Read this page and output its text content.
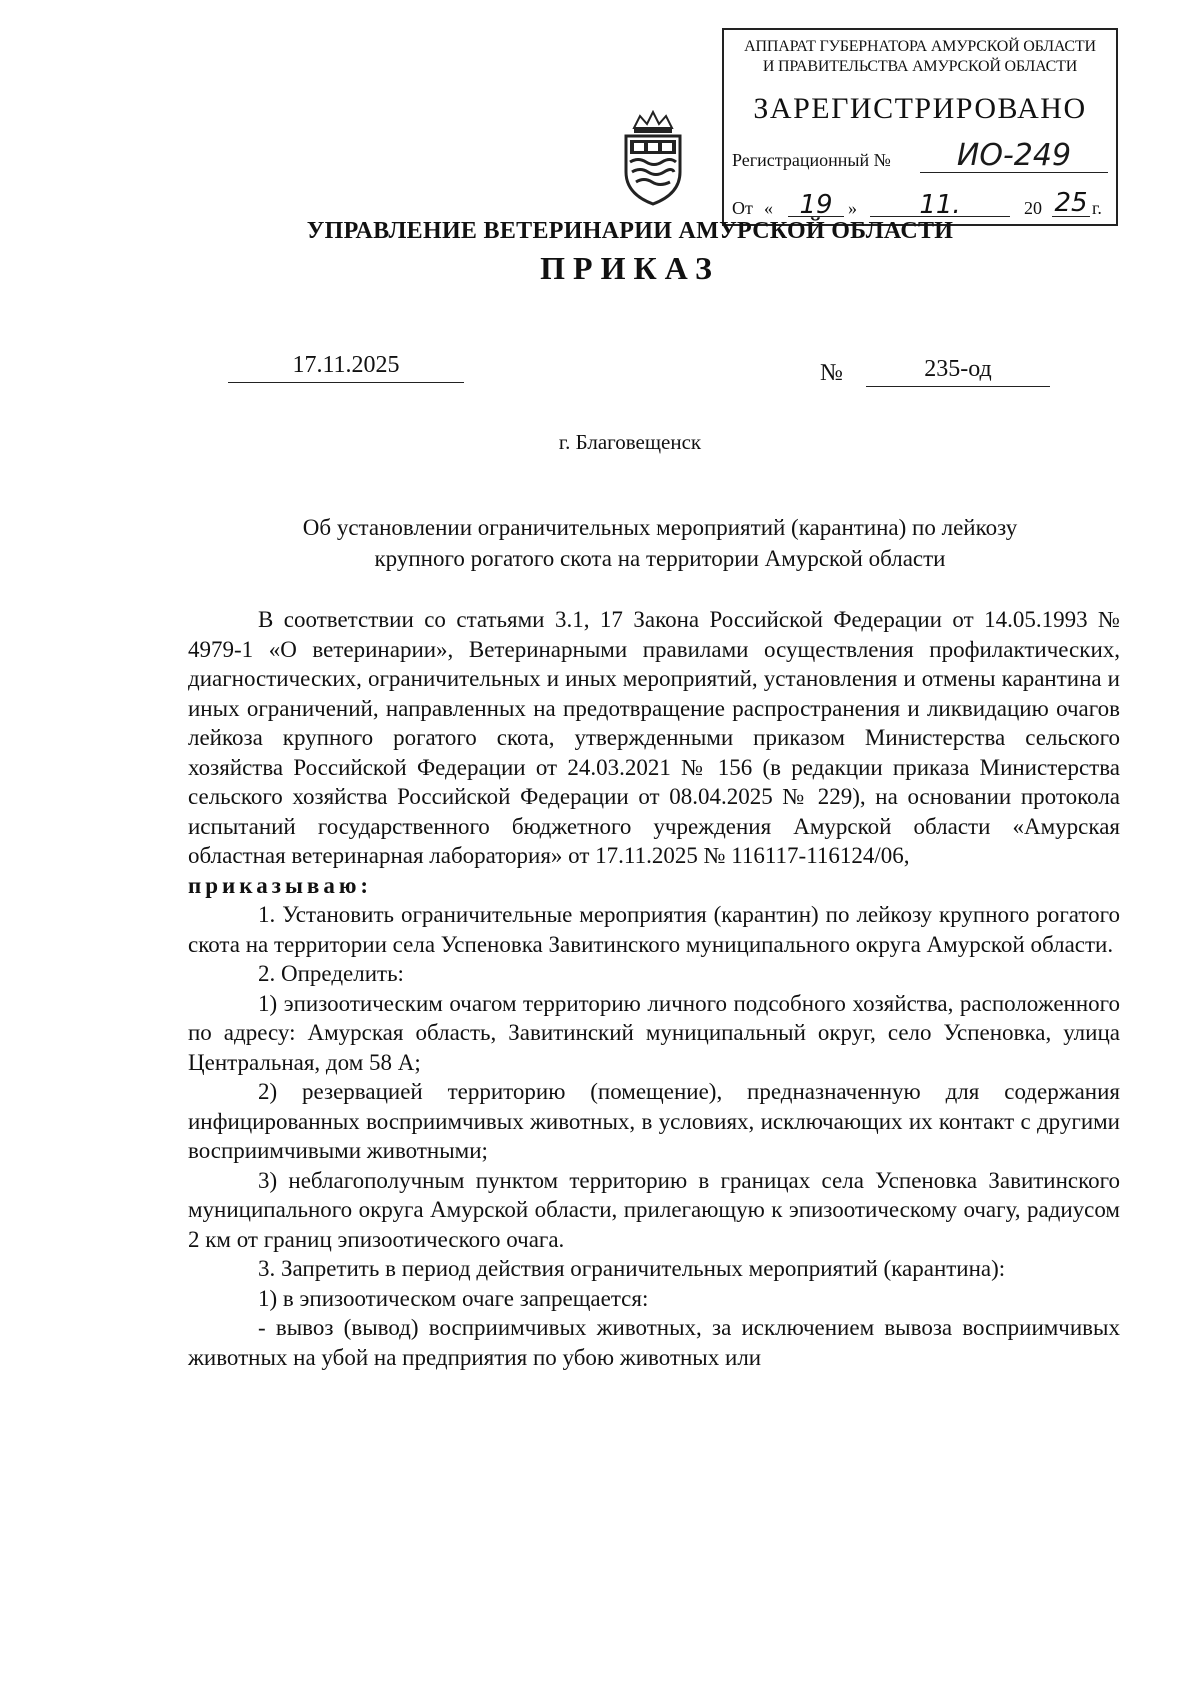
АППАРАТ ГУБЕРНАТОРА АМУРСКОЙ ОБЛАСТИ
И ПРАВИТЕЛЬСТВА АМУРСКОЙ ОБЛАСТИ
ЗАРЕГИСТРИРОВАНО
Регистрационный №	ИО-249
От «	19 »	11.	20 25 г.
УПРАВЛЕНИЕ ВЕТЕРИНАРИИ АМУРСКОЙ ОБЛАСТИ
ПРИКАЗ
17.11.2025	№	235-од
г. Благовещенск
Об установлении ограничительных мероприятий (карантина) по лейкозу
крупного рогатого скота на территории Амурской области

В соответствии со статьями 3.1, 17 Закона Российской Федерации от 14.05.1993 № 4979-1 «О ветеринарии», Ветеринарными правилами осуществления профилактических, диагностических, ограничительных и иных мероприятий, установления и отмены карантина и иных ограничений, направленных на предотвращение распространения и ликвидацию очагов лейкоза крупного рогатого скота, утвержденными приказом Министерства сельского хозяйства Российской Федерации от 24.03.2021 № 156 (в редакции приказа Министерства сельского хозяйства Российской Федерации от 08.04.2025 № 229), на основании протокола испытаний государственного бюджетного учреждения Амурской области «Амурская областная ветеринарная лаборатория» от 17.11.2025 № 116117-116124/06,

приказываю:

1. Установить ограничительные мероприятия (карантин) по лейкозу крупного рогатого скота на территории села Успеновка Завитинского муниципального округа Амурской области.

2. Определить:

1) эпизоотическим очагом территорию личного подсобного хозяйства, расположенного по адресу: Амурская область, Завитинский муниципальный округ, село Успеновка, улица Центральная, дом 58 А;

2) резервацией территорию (помещение), предназначенную для содержания инфицированных восприимчивых животных, в условиях, исключающих их контакт с другими восприимчивыми животными;

3) неблагополучным пунктом территорию в границах села Успеновка Завитинского муниципального округа Амурской области, прилегающую к эпизоотическому очагу, радиусом 2 км от границ эпизоотического очага.

3. Запретить в период действия ограничительных мероприятий (карантина):

1) в эпизоотическом очаге запрещается:

- вывоз (вывод) восприимчивых животных, за исключением вывоза восприимчивых животных на убой на предприятия по убою животных или
